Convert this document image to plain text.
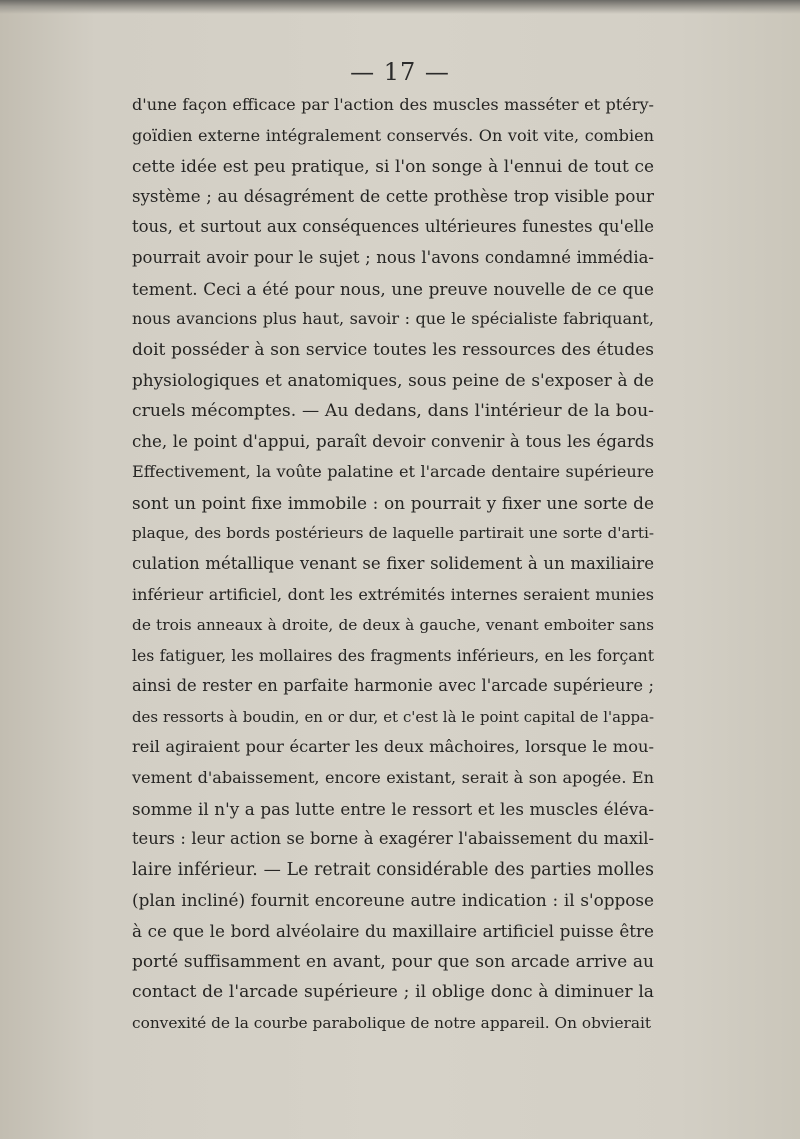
— 17 —
d'une façon efficace par l'action des muscles masséter et ptéry-
goïdien externe intégralement conservés. On voit vite, combien
cette idée est peu pratique, si l'on songe à l'ennui de tout ce
système ; au désagrément de cette prothèse trop visible pour
tous, et surtout aux conséquences ultérieures funestes qu'elle
pourrait avoir pour le sujet ; nous l'avons condamné immédia-
tement. Ceci a été pour nous, une preuve nouvelle de ce que
nous avancions plus haut, savoir : que le spécialiste fabriquant,
doit posséder à son service toutes les ressources des études
physiologiques et anatomiques, sous peine de s'exposer à de
cruels mécomptes. — Au dedans, dans l'intérieur de la bou-
che, le point d'appui, paraît devoir convenir à tous les égards
Effectivement, la voûte palatine et l'arcade dentaire supérieure
sont un point fixe immobile : on pourrait y fixer une sorte de
plaque, des bords postérieurs de laquelle partirait une sorte d'arti-
culation métallique venant se fixer solidement à un maxiliaire
inférieur artificiel, dont les extrémités internes seraient munies
de trois anneaux à droite, de deux à gauche, venant emboiter sans
les fatiguer, les mollaires des fragments inférieurs, en les forçant
ainsi de rester en parfaite harmonie avec l'arcade supérieure ;
des ressorts à boudin, en or dur, et c'est là le point capital de l'appa-
reil agiraient pour écarter les deux mâchoires, lorsque le mou-
vement d'abaissement, encore existant, serait à son apogée. En
somme il n'y a pas lutte entre le ressort et les muscles éléva-
teurs : leur action se borne à exagérer l'abaissement du maxil-
laire inférieur. — Le retrait considérable des parties molles
(plan incliné) fournit encoreune autre indication : il s'oppose
à ce que le bord alvéolaire du maxillaire artificiel puisse être
porté suffisamment en avant, pour que son arcade arrive au
contact de l'arcade supérieure ; il oblige donc à diminuer la
convexité de la courbe parabolique de notre appareil. On obvierait
